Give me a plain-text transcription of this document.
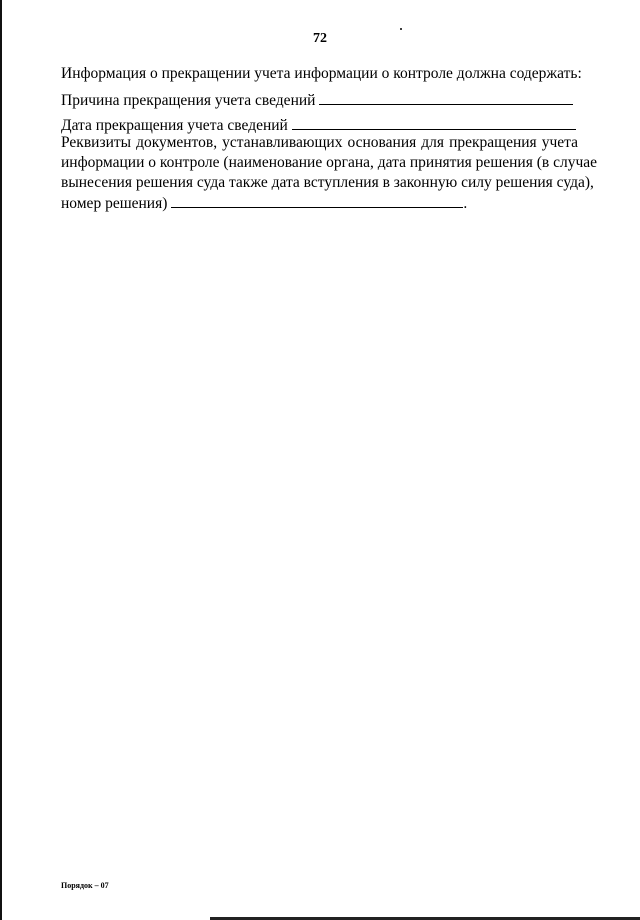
72
Информация о прекращении учета информации о контроле должна содержать:
Причина прекращения учета сведений
Дата прекращения учета сведений
Реквизиты документов, устанавливающих основания для прекращения учета
информации о контроле (наименование органа, дата принятия решения (в случае
вынесения решения суда также дата вступления в законную силу решения суда),
номер решения)	.
Порядок – 07
